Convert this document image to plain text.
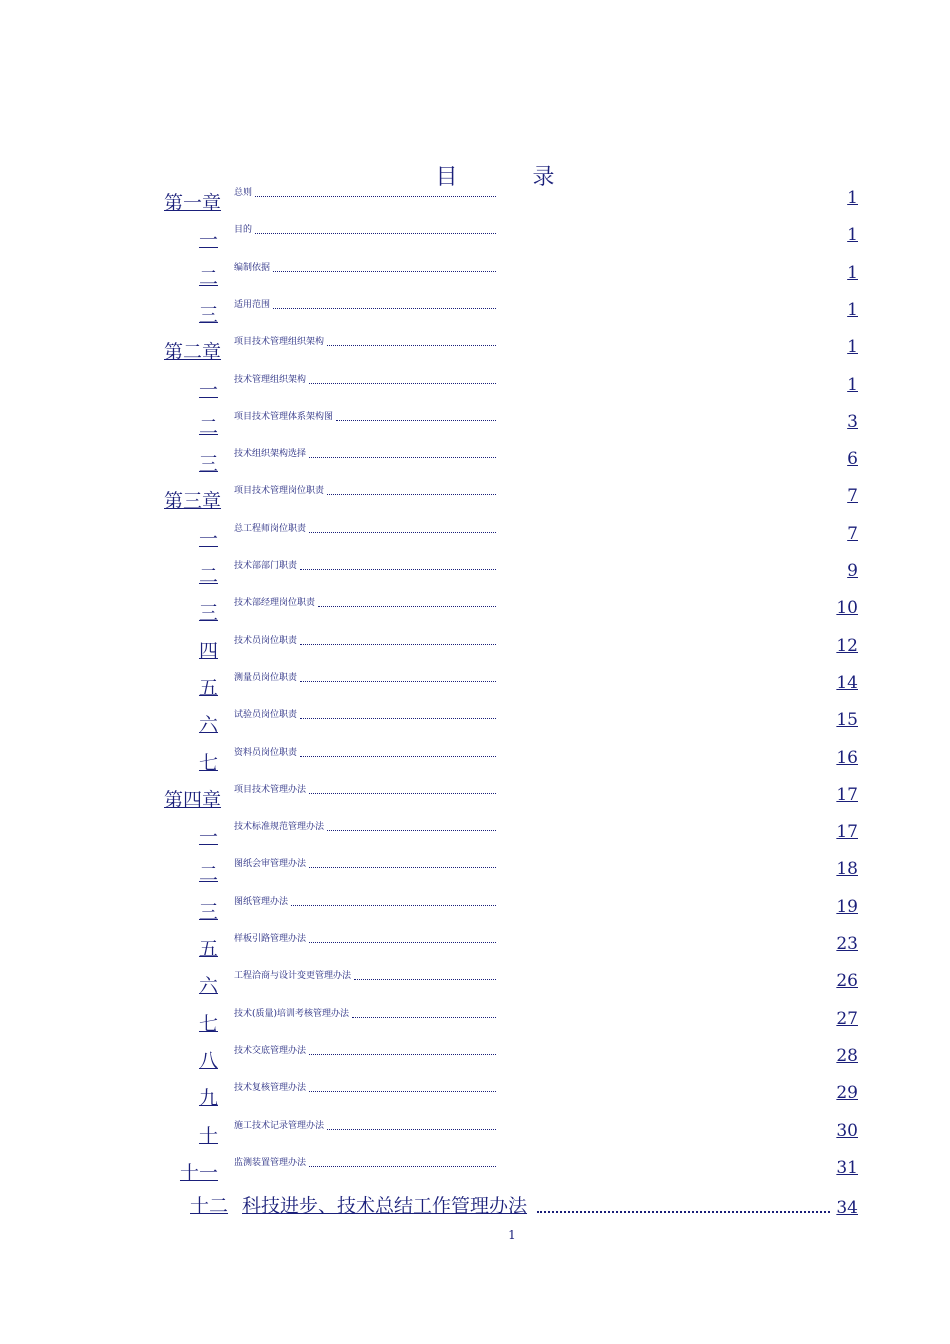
目 录
第一章 总则	1
一 目的	1
二 编制依据	1
三 适用范围	1
第二章 项目技术管理组织架构	1
一 技术管理组织架构	1
二 项目技术管理体系架构图	3
三 技术组织架构选择	6
第三章 项目技术管理岗位职责	7
一 总工程师岗位职责	7
二 技术部部门职责	9
三 技术部经理岗位职责	10
四 技术员岗位职责	12
五 测量员岗位职责	14
六 试验员岗位职责	15
七 资料员岗位职责	16
第四章 项目技术管理办法	17
一 技术标准规范管理办法	17
二 图纸会审管理办法	18
三 图纸管理办法	19
五 样板引路管理办法	23
六 工程洽商与设计变更管理办法	26
七 技术(质量)培训考核管理办法	27
八 技术交底管理办法	28
九 技术复核管理办法	29
十 施工技术记录管理办法	30
十一 监测装置管理办法	31
十二 科技进步、技术总结工作管理办法	34
1
